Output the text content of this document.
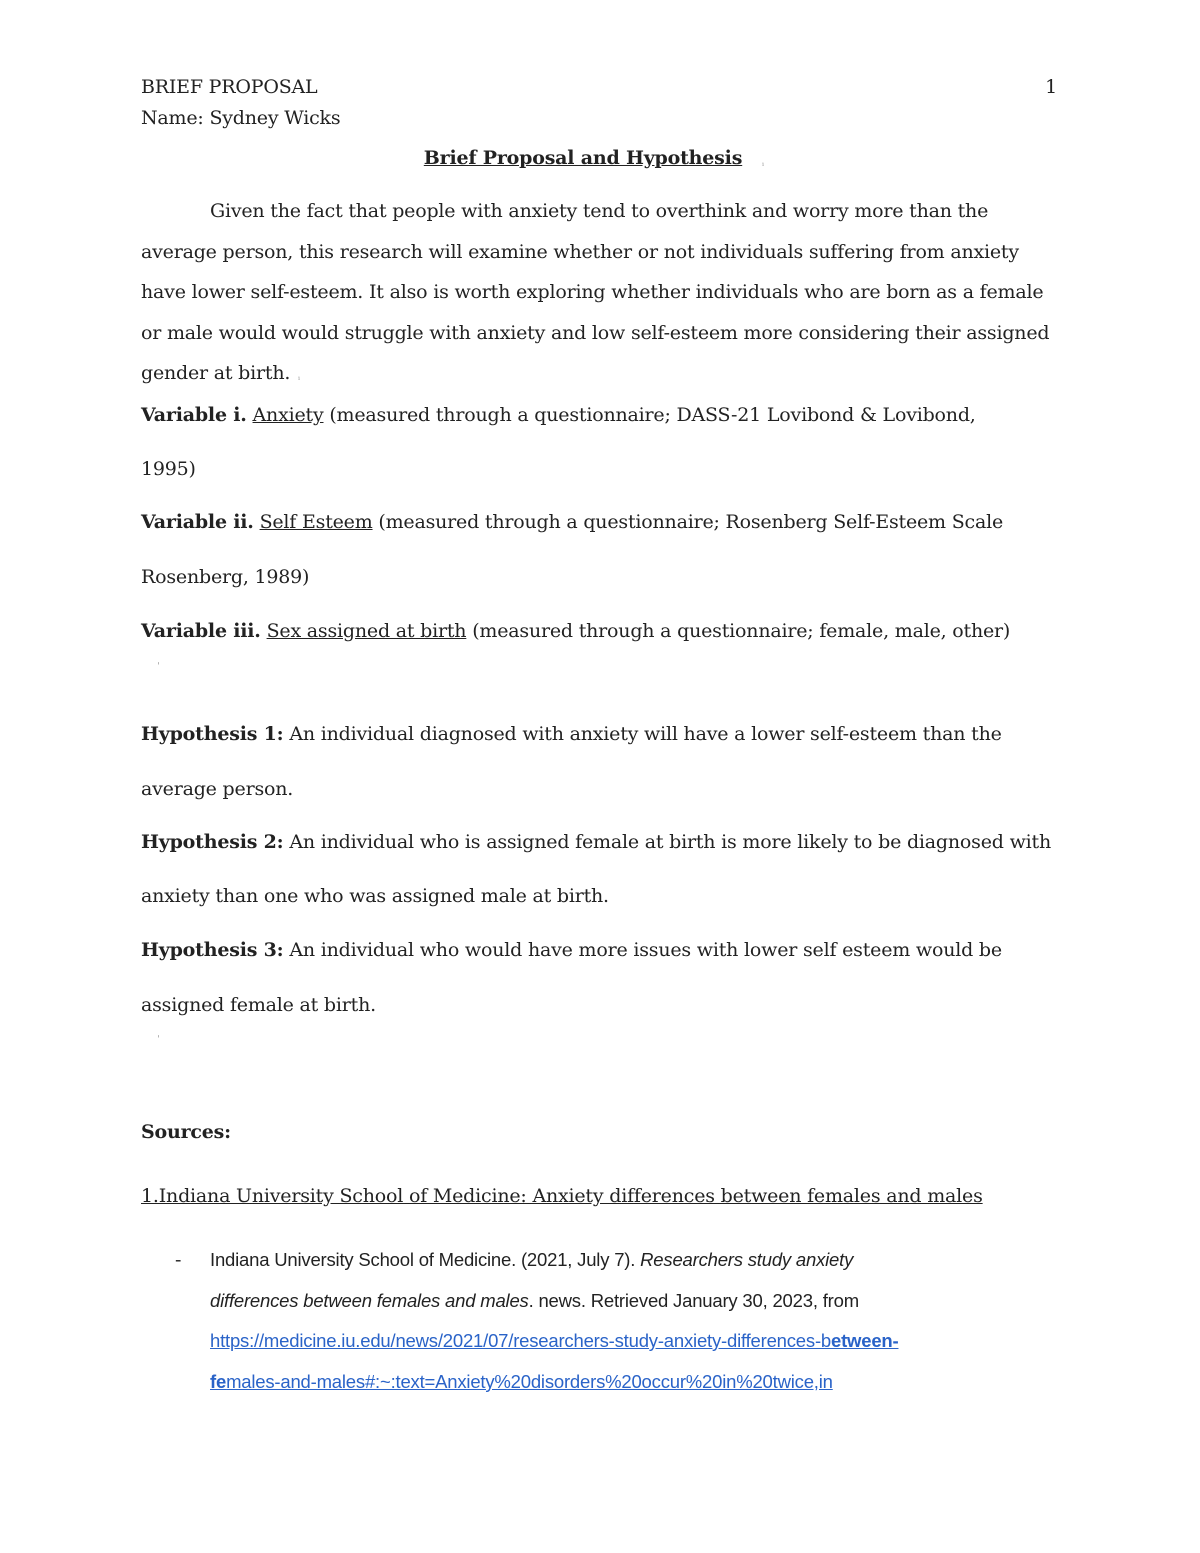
BRIEF PROPOSAL	1
Name: Sydney Wicks
Brief Proposal and Hypothesis	ᵢ
Given the fact that people with anxiety tend to overthink and worry more than the
average person, this research will examine whether or not individuals suffering from anxiety
have lower self-esteem. It also is worth exploring whether individuals who are born as a female
or male would would struggle with anxiety and low self-esteem more considering their assigned
gender at birth. ᵢ
Variable i. Anxiety (measured through a questionnaire; DASS-21 Lovibond & Lovibond,
1995)
Variable ii. Self Esteem (measured through a questionnaire; Rosenberg Self-Esteem Scale
Rosenberg, 1989)
Variable iii. Sex assigned at birth (measured through a questionnaire; female, male, other)
ˈ
Hypothesis 1: An individual diagnosed with anxiety will have a lower self-esteem than the
average person.
Hypothesis 2: An individual who is assigned female at birth is more likely to be diagnosed with
anxiety than one who was assigned male at birth.
Hypothesis 3: An individual who would have more issues with lower self esteem would be
assigned female at birth.
ˈ
Sources:
1.Indiana University School of Medicine: Anxiety differences between females and males
- Indiana University School of Medicine. (2021, July 7). Researchers study anxiety
differences between females and males. news. Retrieved January 30, 2023, from
https://medicine.iu.edu/news/2021/07/researchers-study-anxiety-differences-between-
females-and-males#:~:text=Anxiety%20disorders%20occur%20in%20twice,in
